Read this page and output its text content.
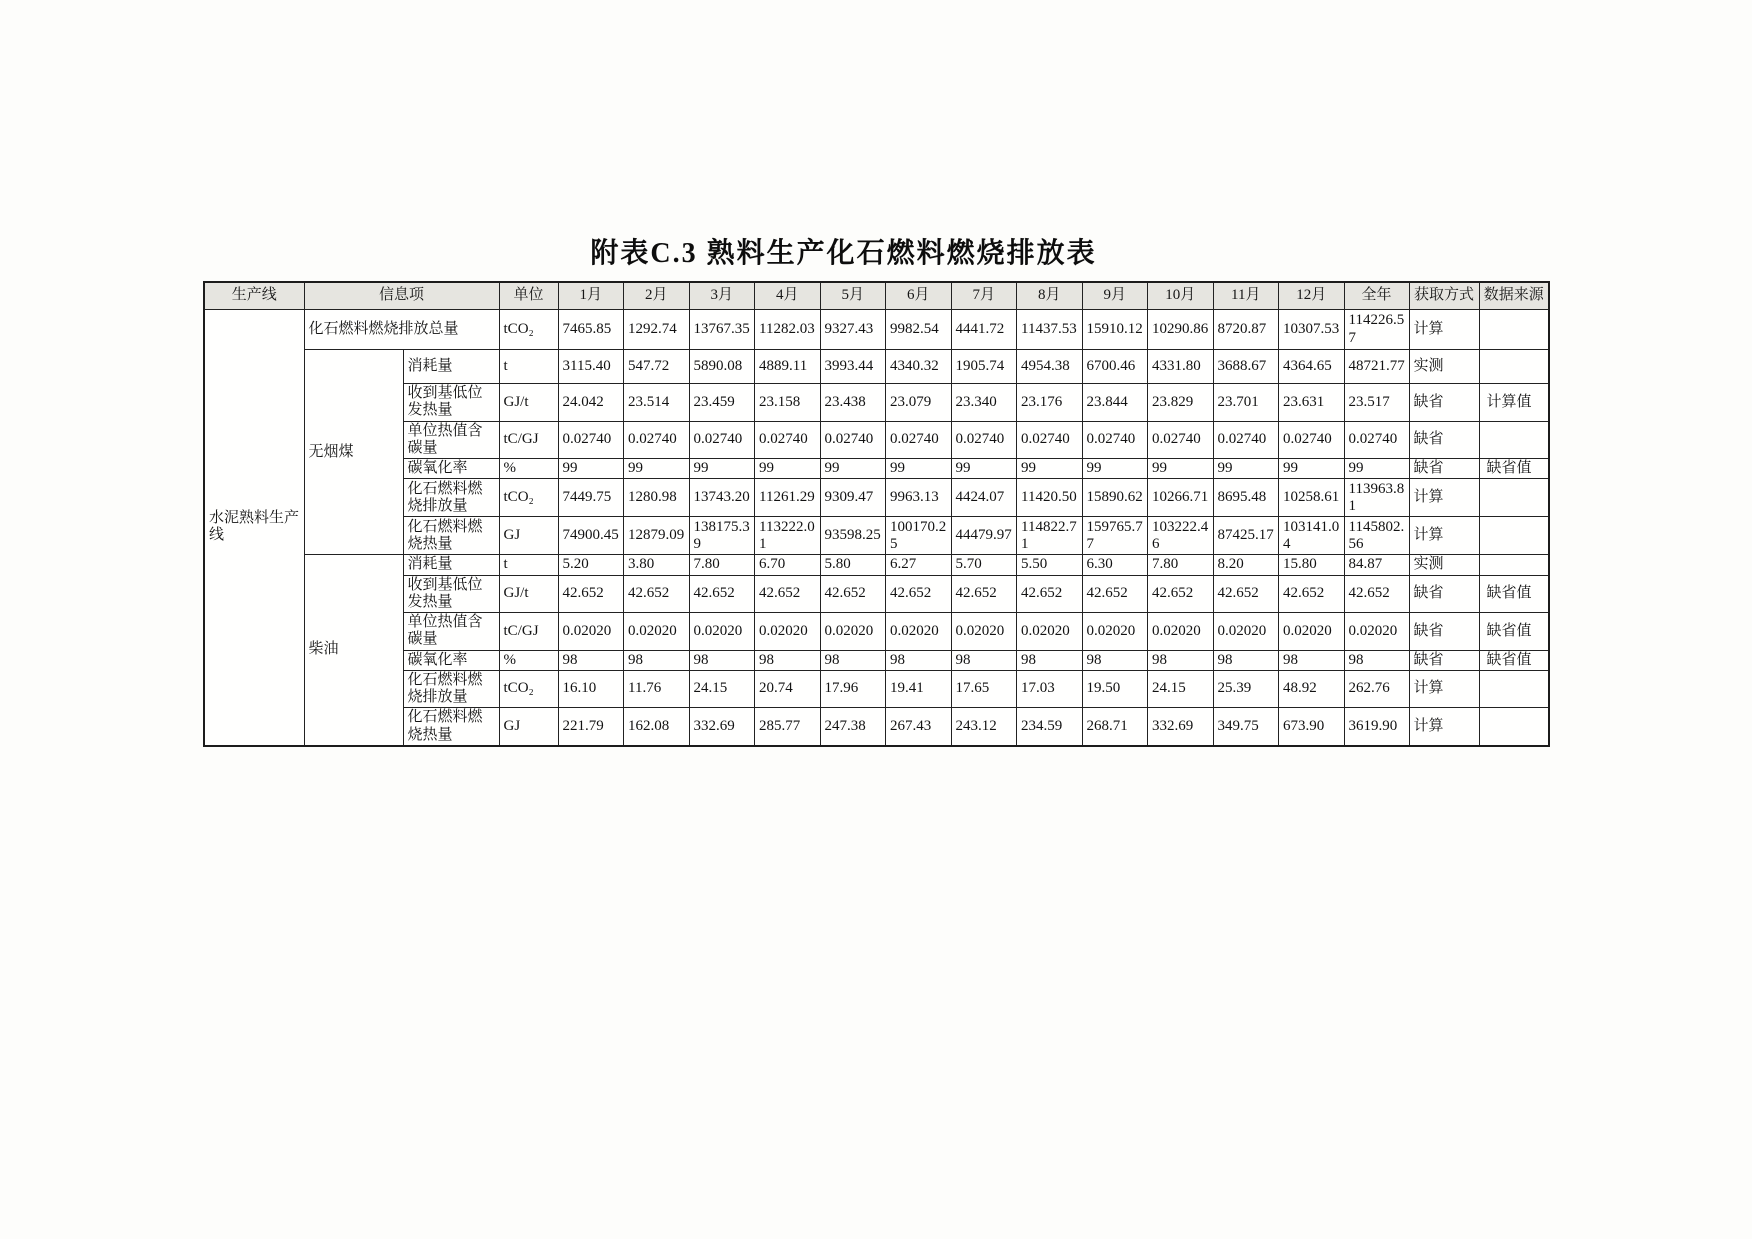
附表C.3 熟料生产化石燃料燃烧排放表
生产线	信息项		单位	1月	2月	3月	4月	5月	6月	7月	8月	9月	10月	11月	12月	全年	获取方式	数据来源
水泥熟料生产线	化石燃料燃烧排放总量		tCO₂	7465.85	1292.74	13767.35	11282.03	9327.43	9982.54	4441.72	11437.53	15910.12	10290.86	8720.87	10307.53	114226.57	计算	
	无烟煤	消耗量	t	3115.40	547.72	5890.08	4889.11	3993.44	4340.32	1905.74	4954.38	6700.46	4331.80	3688.67	4364.65	48721.77	实测	
		收到基低位发热量	GJ/t	24.042	23.514	23.459	23.158	23.438	23.079	23.340	23.176	23.844	23.829	23.701	23.631	23.517	缺省	计算值
		单位热值含碳量	tC/GJ	0.02740	0.02740	0.02740	0.02740	0.02740	0.02740	0.02740	0.02740	0.02740	0.02740	0.02740	0.02740	0.02740	缺省	
		碳氧化率	%	99	99	99	99	99	99	99	99	99	99	99	99	99	缺省	缺省值
		化石燃料燃烧排放量	tCO₂	7449.75	1280.98	13743.20	11261.29	9309.47	9963.13	4424.07	11420.50	15890.62	10266.71	8695.48	10258.61	113963.81	计算	
		化石燃料燃烧热量	GJ	74900.45	12879.09	138175.39	113222.01	93598.25	100170.25	44479.97	114822.71	159765.77	103222.46	87425.17	103141.04	1145802.56	计算	
	柴油	消耗量	t	5.20	3.80	7.80	6.70	5.80	6.27	5.70	5.50	6.30	7.80	8.20	15.80	84.87	实测	
		收到基低位发热量	GJ/t	42.652	42.652	42.652	42.652	42.652	42.652	42.652	42.652	42.652	42.652	42.652	42.652	42.652	缺省	缺省值
		单位热值含碳量	tC/GJ	0.02020	0.02020	0.02020	0.02020	0.02020	0.02020	0.02020	0.02020	0.02020	0.02020	0.02020	0.02020	0.02020	缺省	缺省值
		碳氧化率	%	98	98	98	98	98	98	98	98	98	98	98	98	98	缺省	缺省值
		化石燃料燃烧排放量	tCO₂	16.10	11.76	24.15	20.74	17.96	19.41	17.65	17.03	19.50	24.15	25.39	48.92	262.76	计算	
		化石燃料燃烧热量	GJ	221.79	162.08	332.69	285.77	247.38	267.43	243.12	234.59	268.71	332.69	349.75	673.90	3619.90	计算	
